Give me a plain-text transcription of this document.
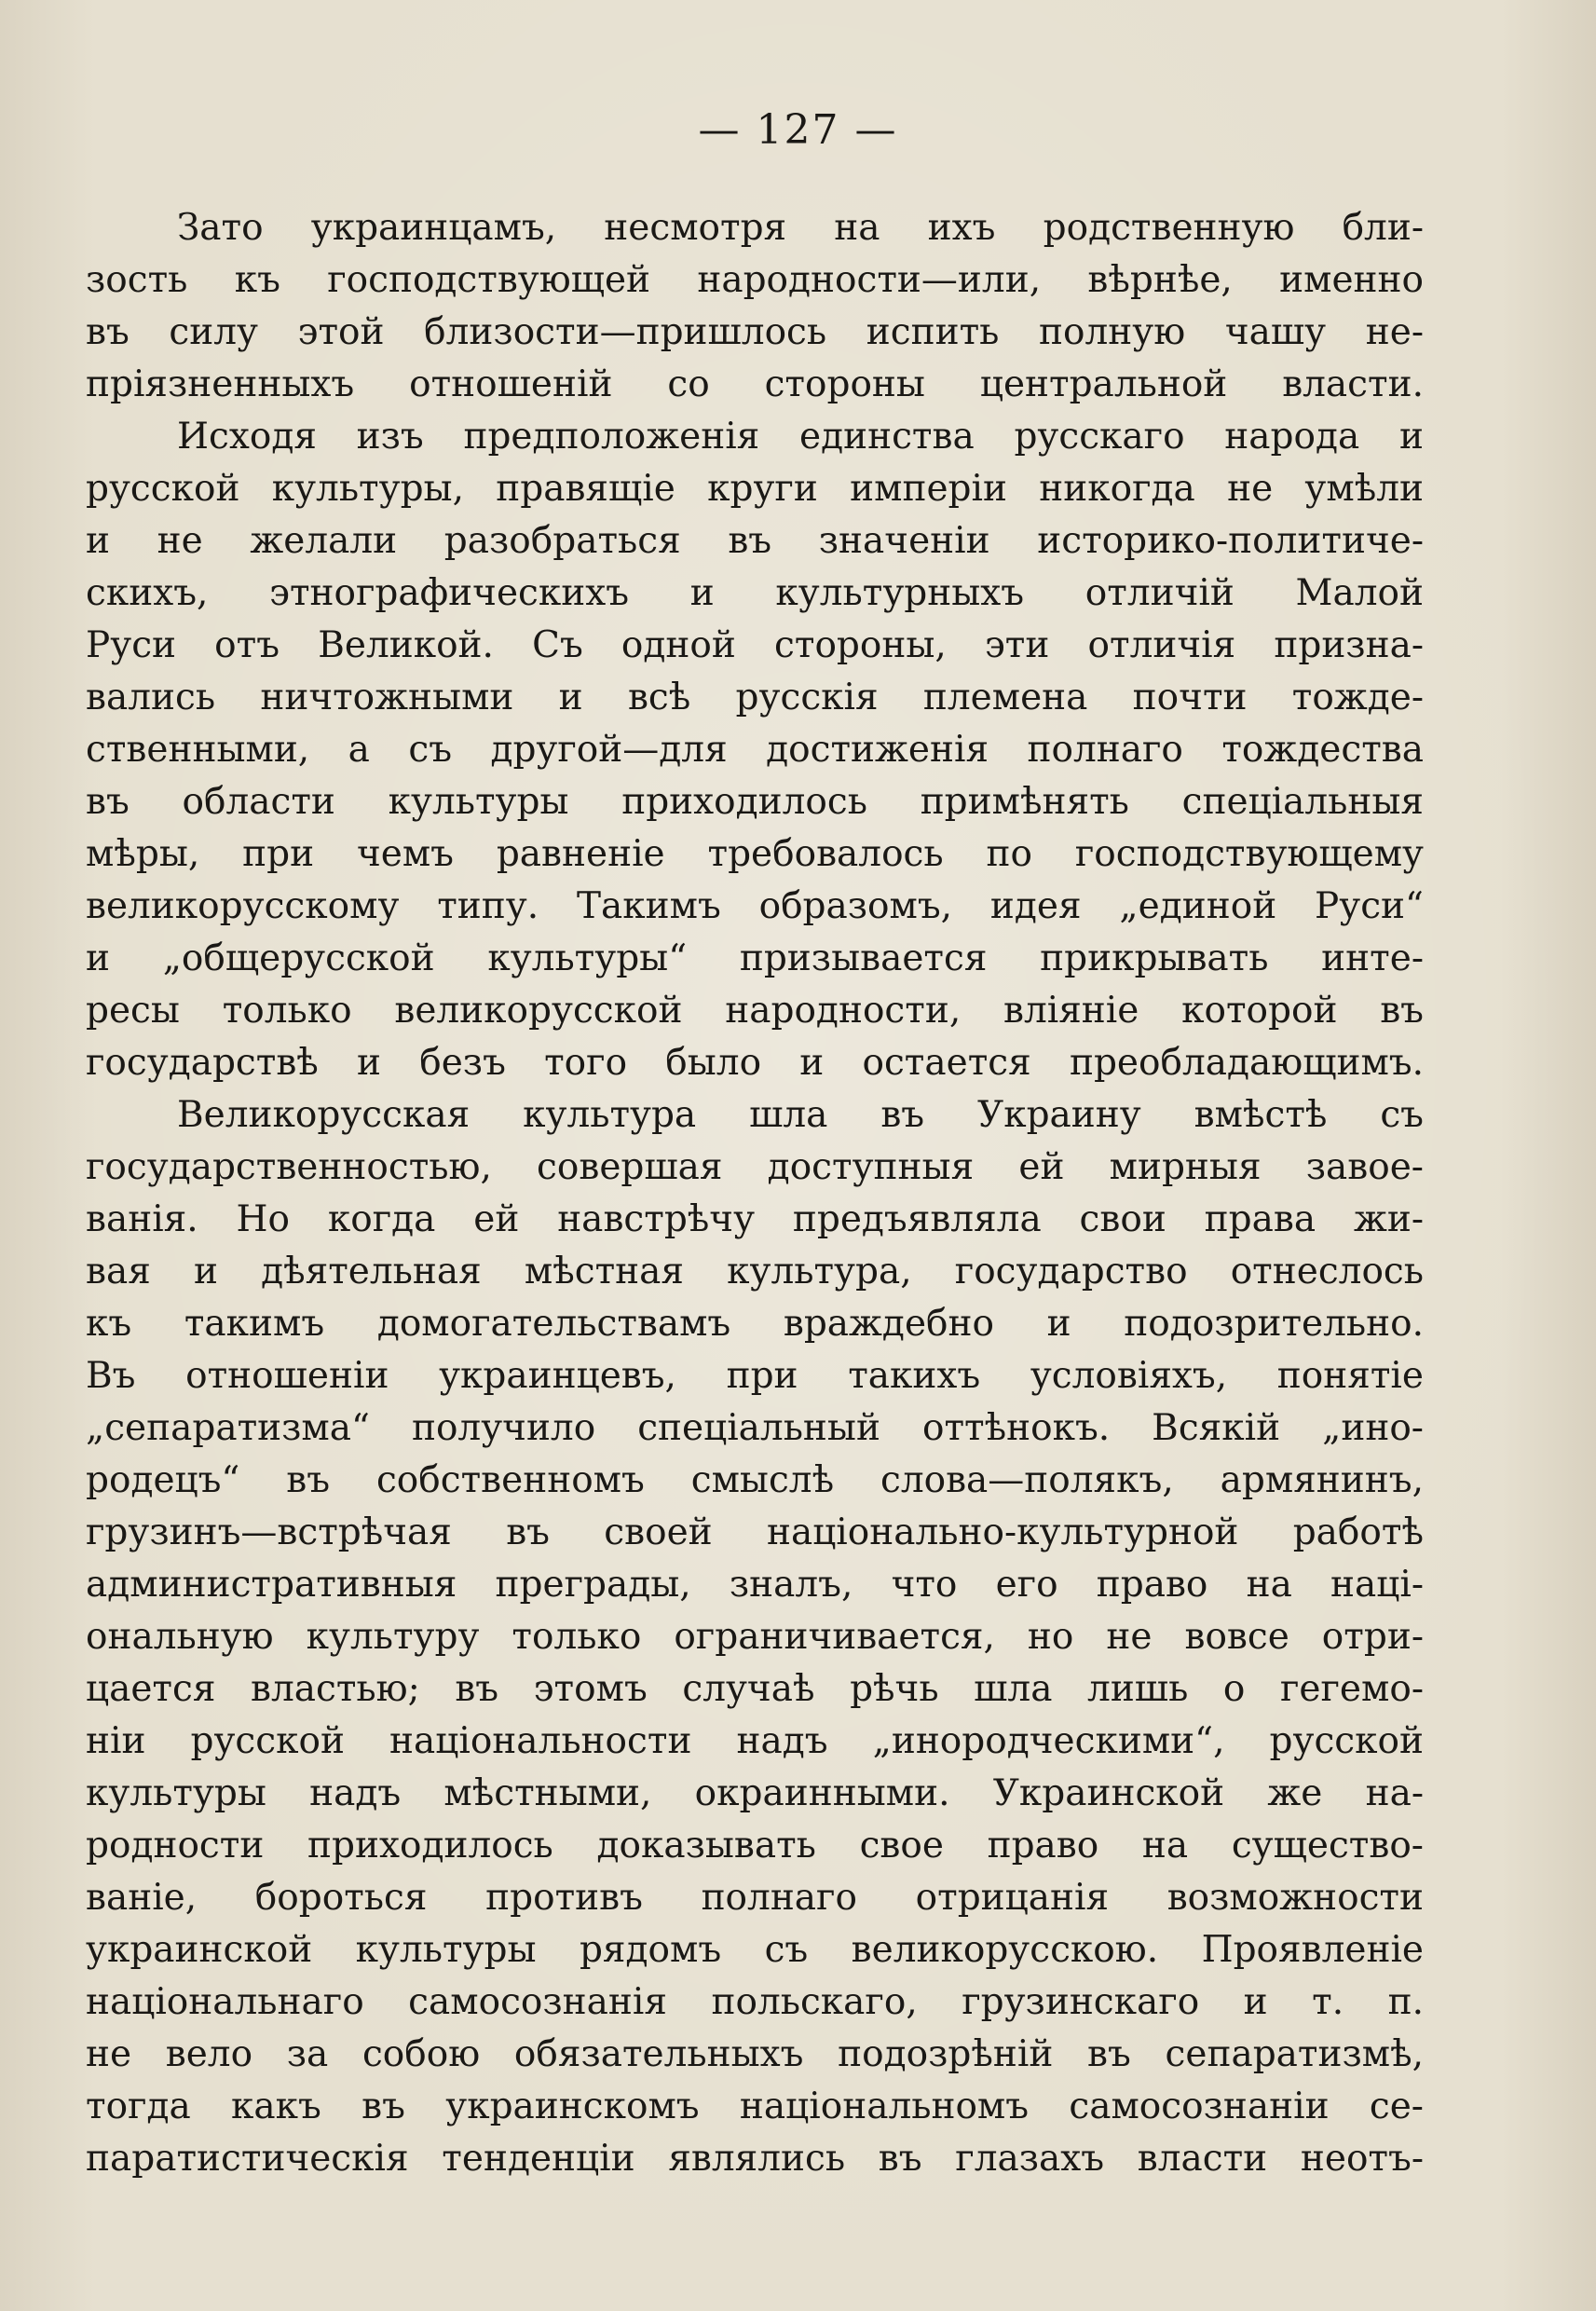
— 127 —
Зато украинцамъ, несмотря на ихъ родственную бли-
зость къ господствующей народности—или, вѣрнѣе, именно
въ силу этой близости—пришлось испить полную чашу не-
пріязненныхъ отношеній со стороны центральной власти.
Исходя изъ предположенія единства русскаго народа и
русской культуры, правящіе круги имперіи никогда не умѣли
и не желали разобраться въ значеніи историко-политиче-
скихъ, этнографическихъ и культурныхъ отличій Малой
Руси отъ Великой. Съ одной стороны, эти отличія призна-
вались ничтожными и всѣ русскія племена почти тожде-
ственными, а съ другой—для достиженія полнаго тождества
въ области культуры приходилось примѣнять спеціальныя
мѣры, при чемъ равненіе требовалось по господствующему
великорусскому типу. Такимъ образомъ, идея „единой Руси“
и „общерусской культуры“ призывается прикрывать инте-
ресы только великорусской народности, вліяніе которой въ
государствѣ и безъ того было и остается преобладающимъ.
Великорусская культура шла въ Украину вмѣстѣ съ
государственностью, совершая доступныя ей мирныя завое-
ванія. Но когда ей навстрѣчу предъявляла свои права жи-
вая и дѣятельная мѣстная культура, государство отнеслось
къ такимъ домогательствамъ враждебно и подозрительно.
Въ отношеніи украинцевъ, при такихъ условіяхъ, понятіе
„сепаратизма“ получило спеціальный оттѣнокъ. Всякій „ино-
родецъ“ въ собственномъ смыслѣ слова—полякъ, армянинъ,
грузинъ—встрѣчая въ своей національно-культурной работѣ
административныя преграды, зналъ, что его право на наці-
ональную культуру только ограничивается, но не вовсе отри-
цается властью; въ этомъ случаѣ рѣчь шла лишь о гегемо-
ніи русской національности надъ „инородческими“, русской
культуры надъ мѣстными, окраинными. Украинской же на-
родности приходилось доказывать свое право на существо-
ваніе, бороться противъ полнаго отрицанія возможности
украинской культуры рядомъ съ великорусскою. Проявленіе
національнаго самосознанія польскаго, грузинскаго и т. п.
не вело за собою обязательныхъ подозрѣній въ сепаратизмѣ,
тогда какъ въ украинскомъ національномъ самосознаніи се-
паратистическія тенденціи являлись въ глазахъ власти неотъ-
